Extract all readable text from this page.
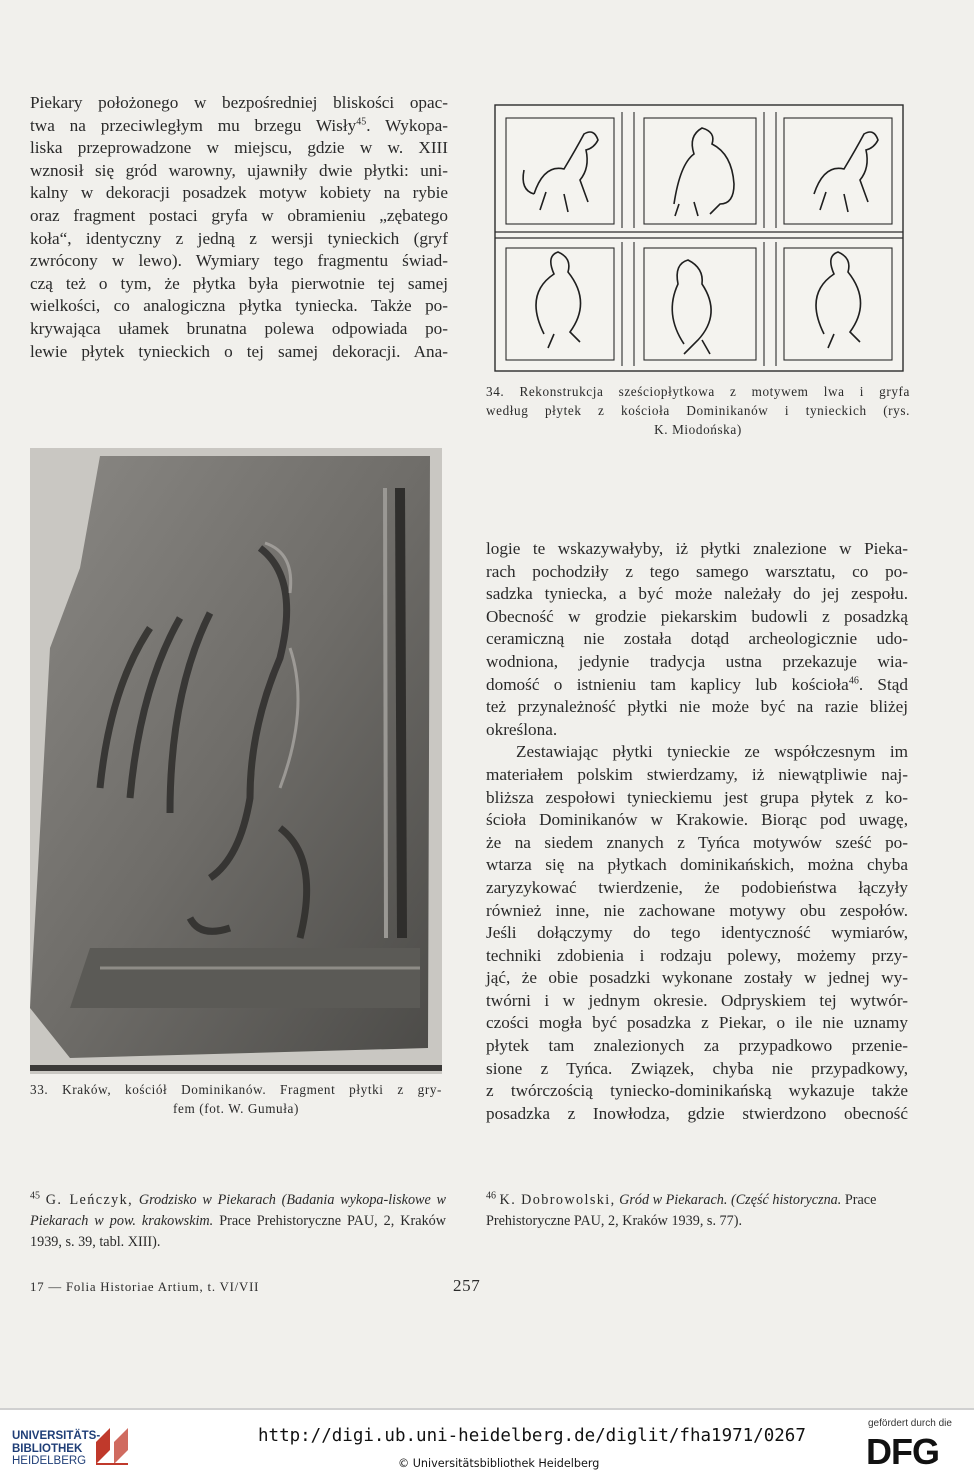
Piekary położonego w bezpośredniej bliskości opac-
twa na przeciwległym mu brzegu Wisły$^{45}$. Wykopa-
liska przeprowadzone w miejscu, gdzie w w. XIII
wznosił się gród warowny, ujawniły dwie płytki: uni-
kalny w dekoracji posadzek motyw kobiety na rybie
oraz fragment postaci gryfa w obramieniu „zębatego
koła“, identyczny z jedną z wersji tynieckich (gryf
zwrócony w lewo). Wymiary tego fragmentu świad-
czą też o tym, że płytka była pierwotnie tej samej
wielkości, co analogiczna płytka tyniecka. Także po-
krywająca ułamek brunatna polewa odpowiada po-
lewie płytek tynieckich o tej samej dekoracji. Ana-

34. Rekonstrukcja sześciopłytkowa z motywem lwa i gryfa
według płytek z kościoła Dominikanów i tynieckich (rys.
K. Miodońska)
33. Kraków, kościół Dominikanów. Fragment płytki z gry-
fem (fot. W. Gumuła)

logie te wskazywałyby, iż płytki znalezione w Pieka-
rach pochodziły z tego samego warsztatu, co po-
sadzka tyniecka, a być może należały do jej zespołu.
Obecność w grodzie piekarskim budowli z posadzką
ceramiczną nie została dotąd archeologicznie udo-
wodniona, jedynie tradycja ustna przekazuje wia-
domość o istnieniu tam kaplicy lub kościoła$^{46}$. Stąd
też przynależność płytki nie może być na razie bliżej
określona.

Zestawiając płytki tynieckie ze współczesnym im
materiałem polskim stwierdzamy, iż niewątpliwie naj-
bliższa zespołowi tynieckiemu jest grupa płytek z ko-
ścioła Dominikanów w Krakowie. Biorąc pod uwagę,
że na siedem znanych z Tyńca motywów sześć po-
wtarza się na płytkach dominikańskich, można chyba
zaryzykować twierdzenie, że podobieństwa łączyły
również inne, nie zachowane motywy obu zespołów.
Jeśli dołączymy do tego identyczność wymiarów,
techniki zdobienia i rodzaju polewy, możemy przy-
jąć, że obie posadzki wykonane zostały w jednej wy-
twórni i w jednym okresie. Odpryskiem tej wytwór-
czości mogła być posadzka z Piekar, o ile nie uznamy
płytek tam znalezionych za przypadkowo przenie-
sione z Tyńca. Związek, chyba nie przypadkowy,
z twórczością tyniecko-dominikańską wykazuje także
posadzka z Inowłodza, gdzie stwierdzono obecność

$^{45}$ G. Leńczyk, Grodzisko w Piekarach (Badania wykopa-liskowe w Piekarach w pow. krakowskim. Prace Prehistoryczne PAU, 2, Kraków 1939, s. 39, tabl. XIII).
$^{46}$ K. Dobrowolski, Gród w Piekarach. (Część historyczna. Prace Prehistoryczne PAU, 2, Kraków 1939, s. 77).
17 — Folia Historiae Artium, t. VI/VII	257
UNIVERSITÄTS-
BIBLIOTHEK
HEIDELBERG
http://digi.ub.uni-heidelberg.de/diglit/fha1971/0267
© Universitätsbibliothek Heidelberg
gefördert durch die
DFG
